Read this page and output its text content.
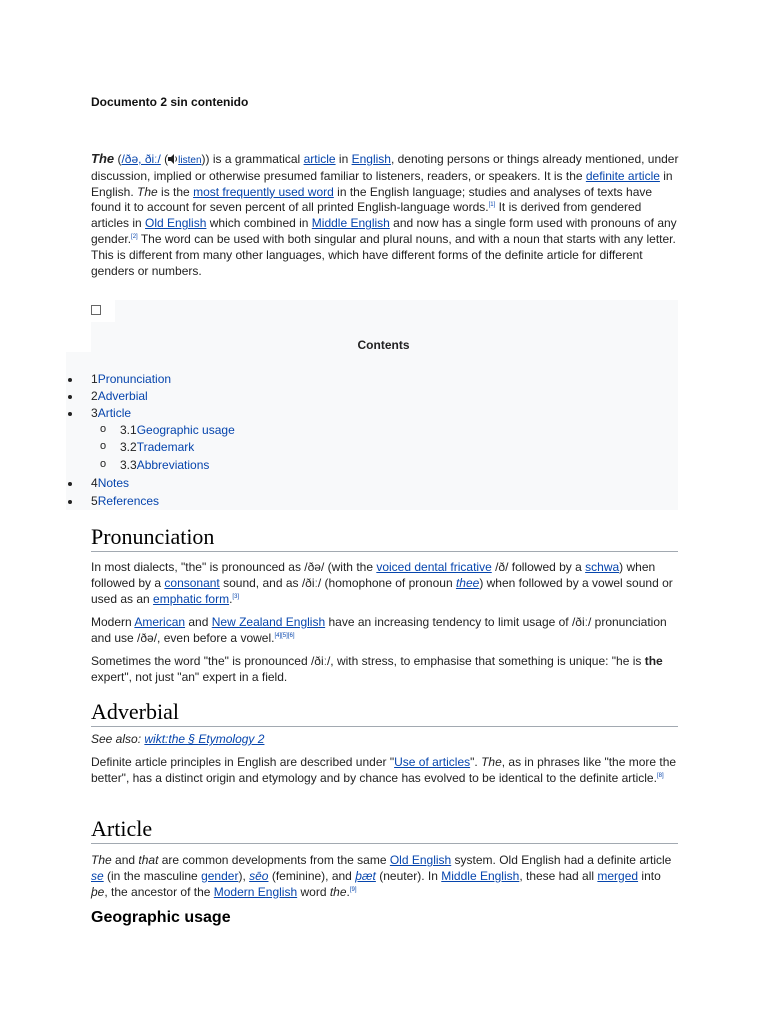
Documento 2 sin contenido
The (/ðə, ðiː/ ( listen)) is a grammatical article in English, denoting persons or things already mentioned, under discussion, implied or otherwise presumed familiar to listeners, readers, or speakers. It is the definite article in English. The is the most frequently used word in the English language; studies and analyses of texts have found it to account for seven percent of all printed English-language words.[1] It is derived from gendered articles in Old English which combined in Middle English and now has a single form used with pronouns of any gender.[2] The word can be used with both singular and plural nouns, and with a noun that starts with any letter. This is different from many other languages, which have different forms of the definite article for different genders or numbers.
Contents
1Pronunciation
2Adverbial
3Article
o 3.1Geographic usage
o 3.2Trademark
o 3.3Abbreviations
4Notes
5References
Pronunciation
In most dialects, "the" is pronounced as /ðə/ (with the voiced dental fricative /ð/ followed by a schwa) when followed by a consonant sound, and as /ðiː/ (homophone of pronoun thee) when followed by a vowel sound or used as an emphatic form.[3]
Modern American and New Zealand English have an increasing tendency to limit usage of /ðiː/ pronunciation and use /ðə/, even before a vowel.[4][5][6]
Sometimes the word "the" is pronounced /ðiː/, with stress, to emphasise that something is unique: "he is the expert", not just "an" expert in a field.
Adverbial
See also: wikt:the § Etymology 2
Definite article principles in English are described under "Use of articles". The, as in phrases like "the more the better", has a distinct origin and etymology and by chance has evolved to be identical to the definite article.[8]
Article
The and that are common developments from the same Old English system. Old English had a definite article se (in the masculine gender), sēo (feminine), and þæt (neuter). In Middle English, these had all merged into þe, the ancestor of the Modern English word the.[9]
Geographic usage
